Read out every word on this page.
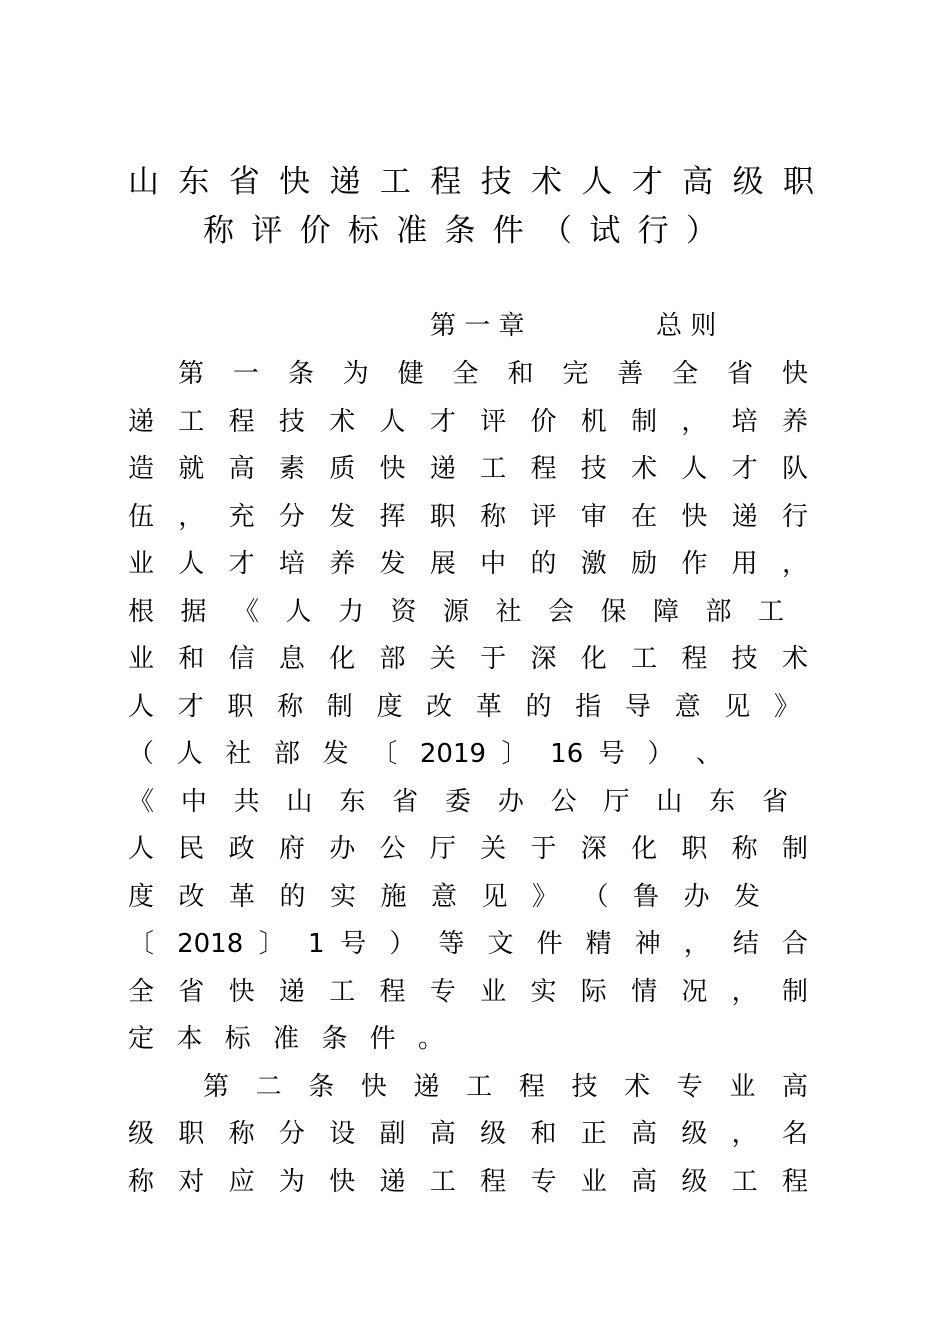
山 东 省 快 递 工 程 技 术 人 才 高 级 职
称 评 价 标 准 条 件 （ 试 行 ）
第 一 章	总 则
第 一 条 为 健 全 和 完 善 全 省 快
递 工 程 技 术 人 才 评 价 机 制 ， 培 养
造 就 高 素 质 快 递 工 程 技 术 人 才 队
伍 ， 充 分 发 挥 职 称 评 审 在 快 递 行
业 人 才 培 养 发 展 中 的 激 励 作 用 ，
根 据 《 人 力 资 源 社 会 保 障 部 工
业 和 信 息 化 部 关 于 深 化 工 程 技 术
人 才 职 称 制 度 改 革 的 指 导 意 见 》
（ 人 社 部 发 〔 2019 〕 16 号 ） 、
《 中 共 山 东 省 委 办 公 厅 山 东 省
人 民 政 府 办 公 厅 关 于 深 化 职 称 制
度 改 革 的 实 施 意 见 》 （ 鲁 办 发
〔 2018 〕 1 号 ） 等 文 件 精 神 ， 结 合
全 省 快 递 工 程 专 业 实 际 情 况 ， 制
定 本 标 准 条 件 。
第 二 条 快 递 工 程 技 术 专 业 高
级 职 称 分 设 副 高 级 和 正 高 级 ， 名
称 对 应 为 快 递 工 程 专 业 高 级 工 程
